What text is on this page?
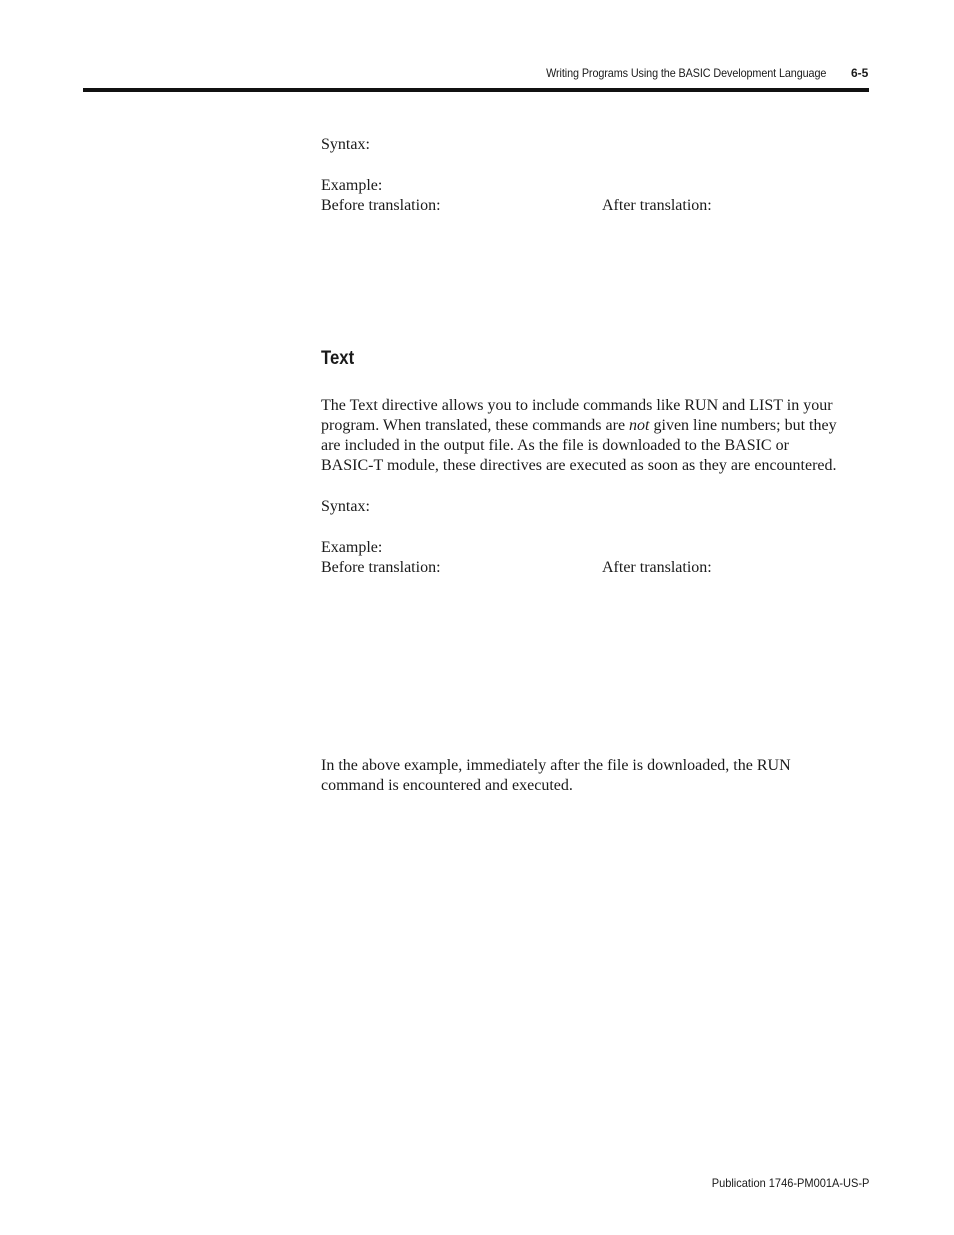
Writing Programs Using the BASIC Development Language 6-5
Syntax:
Example:
Before translation:	After translation:
Text
The Text directive allows you to include commands like RUN and LIST in your
program. When translated, these commands are not given line numbers; but they
are included in the output file. As the file is downloaded to the BASIC or
BASIC-T module, these directives are executed as soon as they are encountered.
Syntax:
Example:
Before translation:	After translation:
In the above example, immediately after the file is downloaded, the RUN
command is encountered and executed.
Publication 1746-PM001A-US-P
